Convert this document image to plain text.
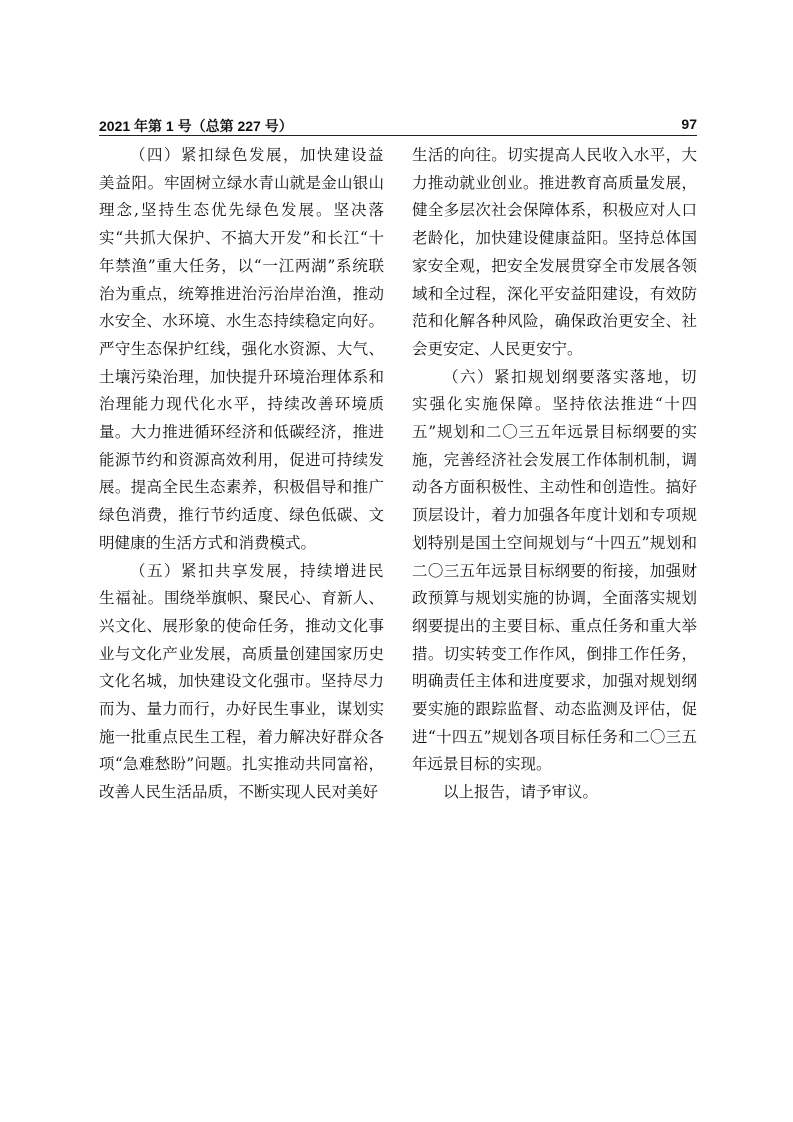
2021 年第 1 号（总第 227 号）	97

（四）紧扣绿色发展，加快建设益美益阳。牢固树立绿水青山就是金山银山理念,坚持生态优先绿色发展。坚决落实“共抓大保护、不搞大开发”和长江“十年禁渔”重大任务，以“一江两湖”系统联治为重点，统筹推进治污治岸治渔，推动水安全、水环境、水生态持续稳定向好。严守生态保护红线，强化水资源、大气、土壤污染治理，加快提升环境治理体系和治理能力现代化水平，持续改善环境质量。大力推进循环经济和低碳经济，推进能源节约和资源高效利用，促进可持续发展。提高全民生态素养，积极倡导和推广绿色消费，推行节约适度、绿色低碳、文明健康的生活方式和消费模式。

（五）紧扣共享发展，持续增进民生福祉。围绕举旗帜、聚民心、育新人、兴文化、展形象的使命任务，推动文化事业与文化产业发展，高质量创建国家历史文化名城，加快建设文化强市。坚持尽力而为、量力而行，办好民生事业，谋划实施一批重点民生工程，着力解决好群众各项“急难愁盼”问题。扎实推动共同富裕，改善人民生活品质，不断实现人民对美好

生活的向往。切实提高人民收入水平，大力推动就业创业。推进教育高质量发展，健全多层次社会保障体系，积极应对人口老龄化，加快建设健康益阳。坚持总体国家安全观，把安全发展贯穿全市发展各领域和全过程，深化平安益阳建设，有效防范和化解各种风险，确保政治更安全、社会更安定、人民更安宁。

（六）紧扣规划纲要落实落地，切实强化实施保障。坚持依法推进“十四五”规划和二〇三五年远景目标纲要的实施，完善经济社会发展工作体制机制，调动各方面积极性、主动性和创造性。搞好顶层设计，着力加强各年度计划和专项规划特别是国土空间规划与“十四五”规划和二〇三五年远景目标纲要的衔接，加强财政预算与规划实施的协调，全面落实规划纲要提出的主要目标、重点任务和重大举措。切实转变工作作风，倒排工作任务，明确责任主体和进度要求，加强对规划纲要实施的跟踪监督、动态监测及评估，促进“十四五”规划各项目标任务和二〇三五年远景目标的实现。

以上报告，请予审议。
